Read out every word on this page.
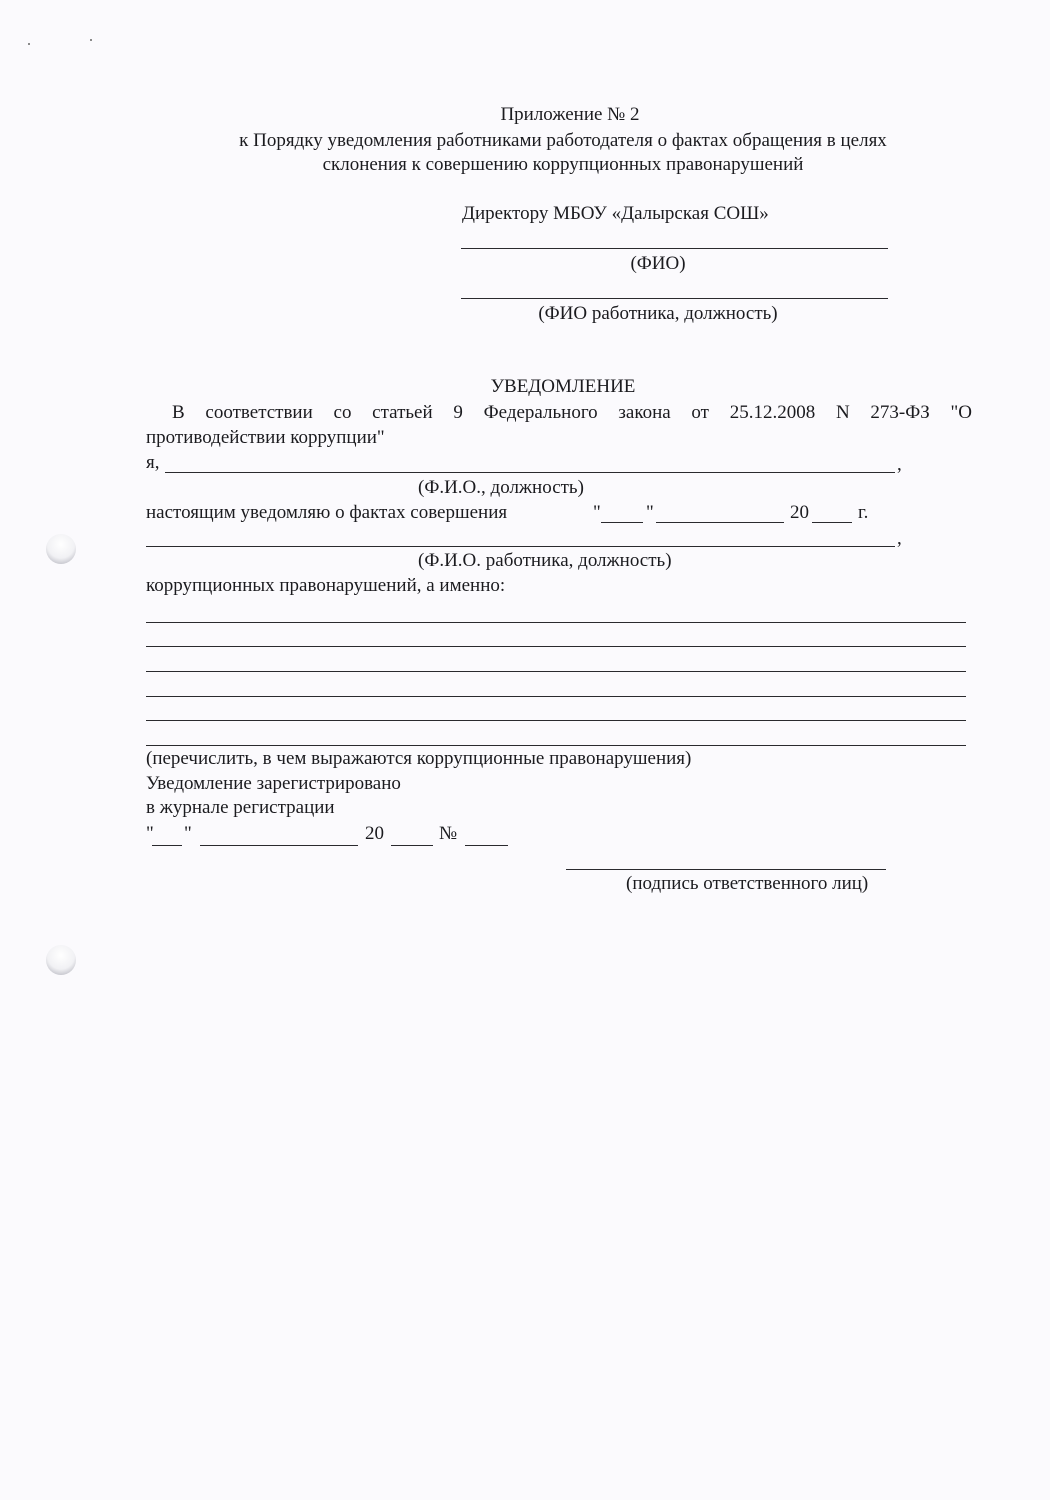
Приложение № 2
к Порядку уведомления работниками работодателя о фактах обращения в целях
склонения к совершению коррупционных правонарушений
Директору МБОУ «Далырская СОШ»
(ФИО)
(ФИО работника, должность)
УВЕДОМЛЕНИЕ
В соответствии со статьей 9 Федерального закона от 25.12.2008 N 273-ФЗ "О
противодействии коррупции"
я,	,
(Ф.И.О., должность)
настоящим уведомляю о фактах совершения	" "	20	г.
,
(Ф.И.О. работника, должность)
коррупционных правонарушений, а именно:
(перечислить, в чем выражаются коррупционные правонарушения)
Уведомление зарегистрировано
в журнале регистрации
" "	20	№
(подпись ответственного лиц)
